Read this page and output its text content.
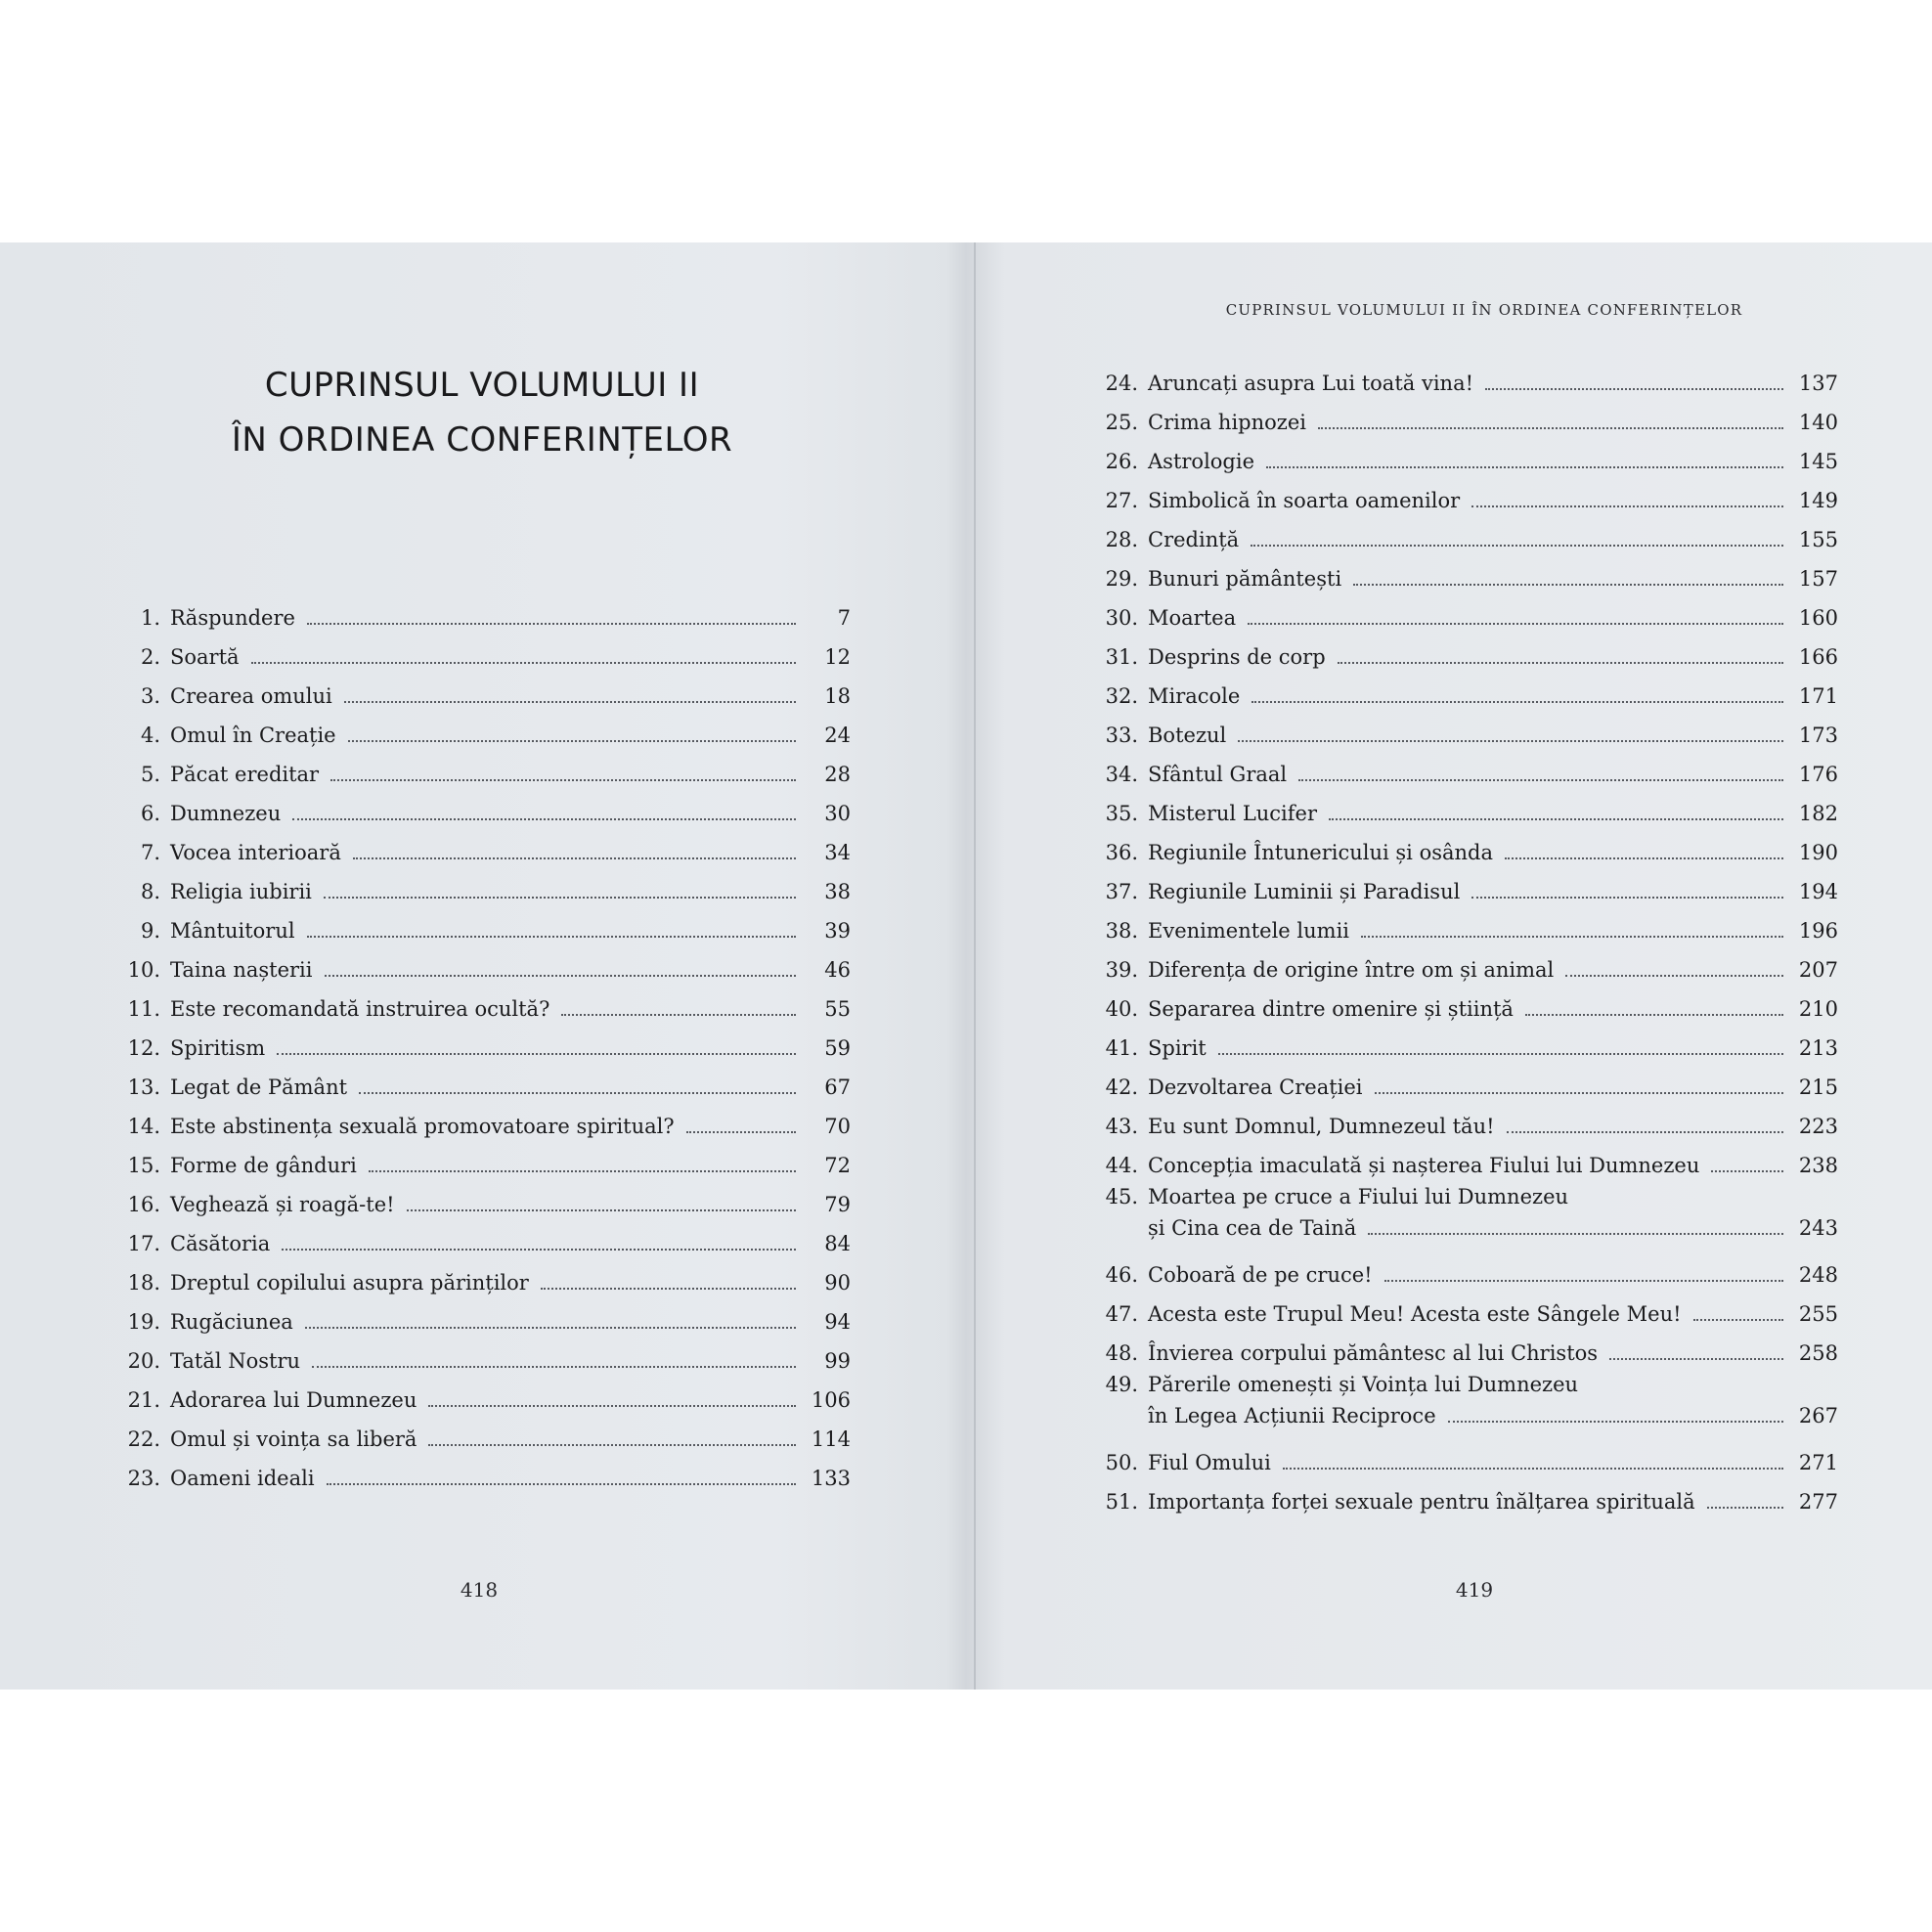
CUPRINSUL VOLUMULUI II
ÎN ORDINEA CONFERINȚELOR
1. Răspundere	7
2. Soartă	12
3. Crearea omului	18
4. Omul în Creație	24
5. Păcat ereditar	28
6. Dumnezeu	30
7. Vocea interioară	34
8. Religia iubirii	38
9. Mântuitorul	39
10. Taina nașterii	46
11. Este recomandată instruirea ocultă?	55
12. Spiritism	59
13. Legat de Pământ	67
14. Este abstinența sexuală promovatoare spiritual?	70
15. Forme de gânduri	72
16. Veghează și roagă-te!	79
17. Căsătoria	84
18. Dreptul copilului asupra părinților	90
19. Rugăciunea	94
20. Tatăl Nostru	99
21. Adorarea lui Dumnezeu	106
22. Omul și voința sa liberă	114
23. Oameni ideali	133
418
CUPRINSUL VOLUMULUI II ÎN ORDINEA CONFERINȚELOR
24. Aruncați asupra Lui toată vina!	137
25. Crima hipnozei	140
26. Astrologie	145
27. Simbolică în soarta oamenilor	149
28. Credință	155
29. Bunuri pământești	157
30. Moartea	160
31. Desprins de corp	166
32. Miracole	171
33. Botezul	173
34. Sfântul Graal	176
35. Misterul Lucifer	182
36. Regiunile Întunericului și osânda	190
37. Regiunile Luminii și Paradisul	194
38. Evenimentele lumii	196
39. Diferența de origine între om și animal	207
40. Separarea dintre omenire și știință	210
41. Spirit	213
42. Dezvoltarea Creației	215
43. Eu sunt Domnul, Dumnezeul tău!	223
44. Concepția imaculată și nașterea Fiului lui Dumnezeu	238
45. Moartea pe cruce a Fiului lui Dumnezeu
și Cina cea de Taină	243
46. Coboară de pe cruce!	248
47. Acesta este Trupul Meu! Acesta este Sângele Meu!	255
48. Învierea corpului pământesc al lui Christos	258
49. Părerile omenești și Voința lui Dumnezeu
în Legea Acțiunii Reciproce	267
50. Fiul Omului	271
51. Importanța forței sexuale pentru înălțarea spirituală	277
419
